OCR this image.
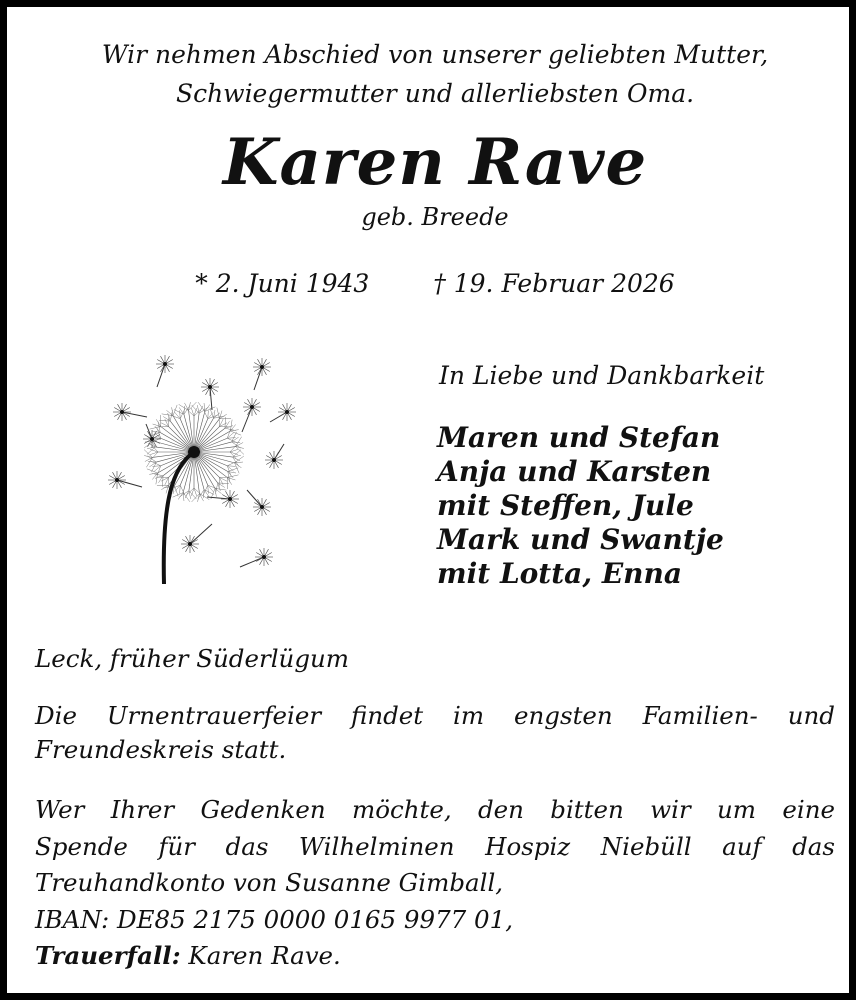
Wir nehmen Abschied von unserer geliebten Mutter,
Schwiegermutter und allerliebsten Oma.
Karen Rave
geb. Breede
* 2. Juni 1943	† 19. Februar 2026
In Liebe und Dankbarkeit
Maren und Stefan
Anja und Karsten
mit Steffen, Jule
Mark und Swantje
mit Lotta, Enna
Leck, früher Süderlügum
Die Urnentrauerfeier findet im engsten Familien- und
Freundeskreis statt.
Wer Ihrer Gedenken möchte, den bitten wir um eine
Spende für das Wilhelminen Hospiz Niebüll auf das
Treuhandkonto von Susanne Gimball,
IBAN: DE85 2175 0000 0165 9977 01,
Trauerfall: Karen Rave.
